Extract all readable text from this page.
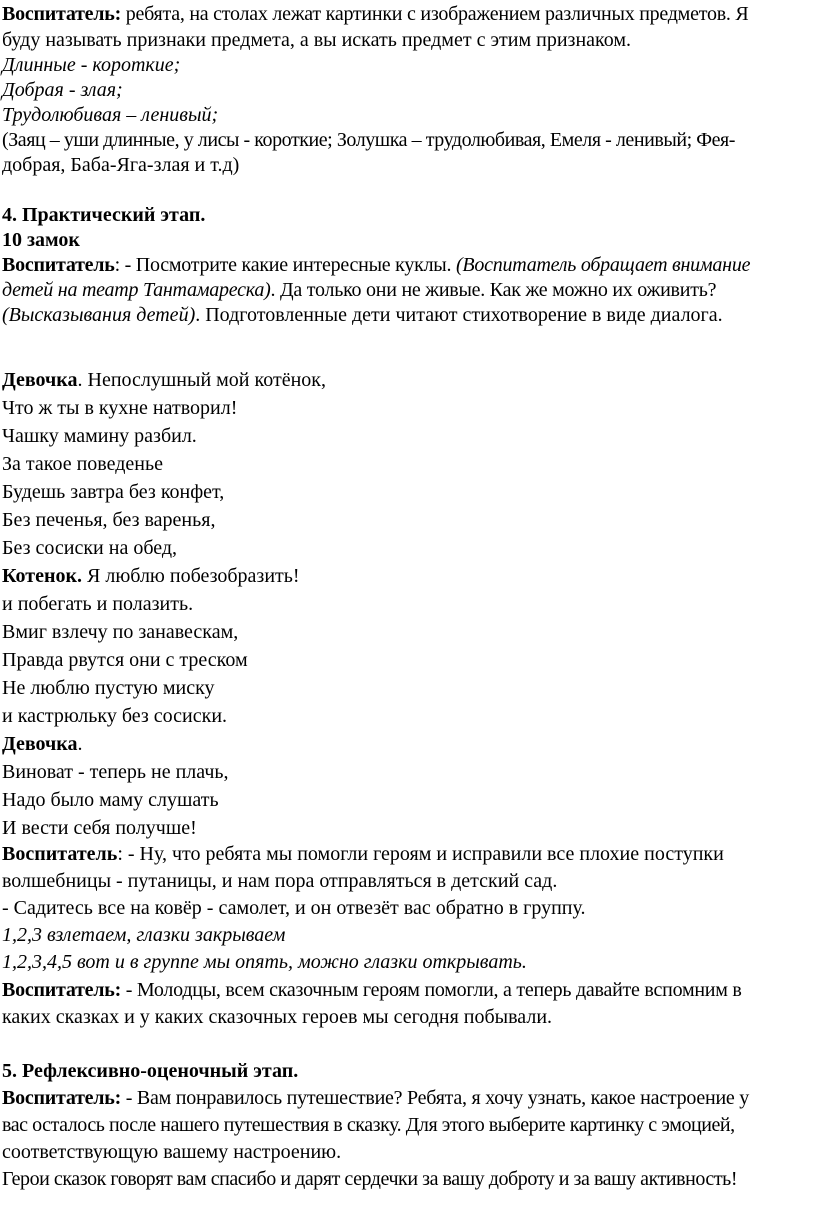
Воспитатель: ребята, на столах лежат картинки с изображением различных предметов. Я
буду называть признаки предмета, а вы искать предмет с этим признаком.
Длинные - короткие;
Добрая - злая;
Трудолюбивая – ленивый;
(Заяц – уши длинные, у лисы - короткие; Золушка – трудолюбивая, Емеля - ленивый; Фея-
добрая, Баба-Яга-злая и т.д)
4. Практический этап.
10 замок
Воспитатель: - Посмотрите какие интересные куклы. (Воспитатель обращает внимание
детей на театр Тантамареска). Да только они не живые. Как же можно их оживить?
(Высказывания детей). Подготовленные дети читают стихотворение в виде диалога.
Девочка. Непослушный мой котёнок,
Что ж ты в кухне натворил!
Чашку мамину разбил.
За такое поведенье
Будешь завтра без конфет,
Без печенья, без варенья,
Без сосиски на обед,
Котенок. Я люблю побезобразить!
и побегать и полазить.
Вмиг взлечу по занавескам,
Правда рвутся они с треском
Не люблю пустую миску
и кастрюльку без сосиски.
Девочка.
Виноват - теперь не плачь,
Надо было маму слушать
И вести себя получше!
Воспитатель: - Ну, что ребята мы помогли героям и исправили все плохие поступки
волшебницы - путаницы, и нам пора отправляться в детский сад.
- Садитесь все на ковёр - самолет, и он отвезёт вас обратно в группу.
1,2,3 взлетаем, глазки закрываем
1,2,3,4,5 вот и в группе мы опять, можно глазки открывать.
Воспитатель: - Молодцы, всем сказочным героям помогли, а теперь давайте вспомним в
каких сказках и у каких сказочных героев мы сегодня побывали.
5. Рефлексивно-оценочный этап.
Воспитатель: - Вам понравилось путешествие? Ребята, я хочу узнать, какое настроение у
вас осталось после нашего путешествия в сказку. Для этого выберите картинку с эмоцией,
соответствующую вашему настроению.
Герои сказок говорят вам спасибо и дарят сердечки за вашу доброту и за вашу активность!
